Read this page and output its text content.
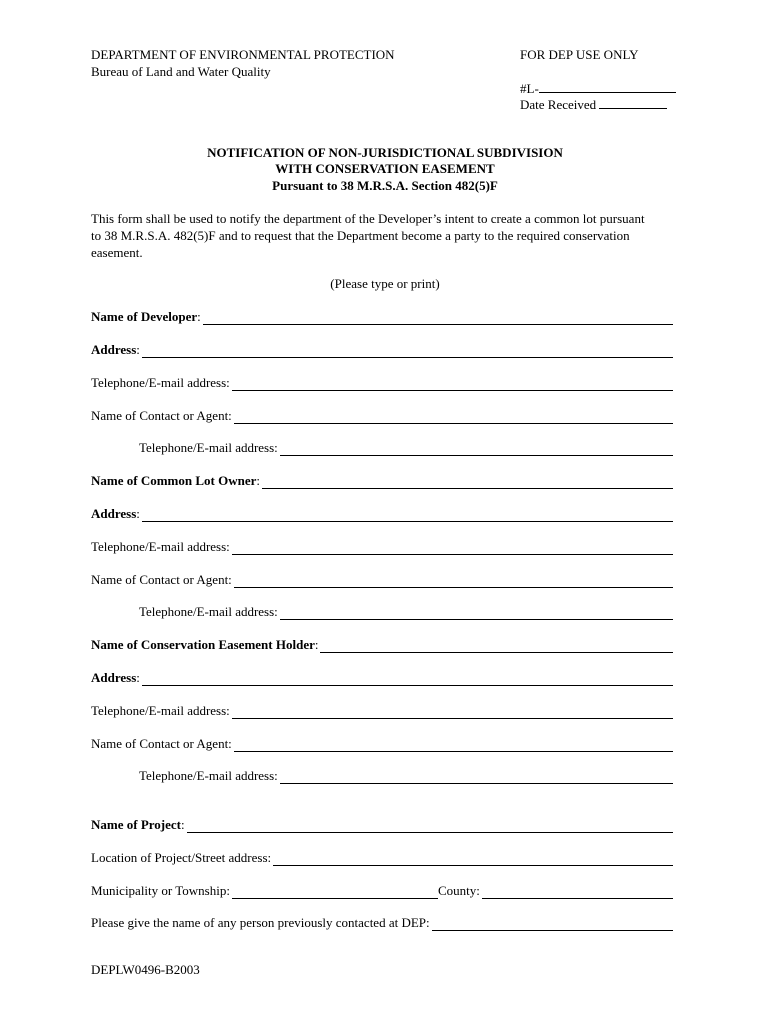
DEPARTMENT OF ENVIRONMENTAL PROTECTION
Bureau of Land and Water Quality
FOR DEP USE ONLY
#L-
Date Received
NOTIFICATION OF NON-JURISDICTIONAL SUBDIVISION
WITH CONSERVATION EASEMENT
Pursuant to 38 M.R.S.A. Section 482(5)F
This form shall be used to notify the department of the Developer’s intent to create a common lot pursuant to 38 M.R.S.A. 482(5)F and to request that the Department become a party to the required conservation easement.
(Please type or print)
Name of Developer:
Address:
Telephone/E-mail address:
Name of Contact or Agent:
Telephone/E-mail address:
Name of Common Lot Owner:
Address:
Telephone/E-mail address:
Name of Contact or Agent:
Telephone/E-mail address:
Name of Conservation Easement Holder:
Address:
Telephone/E-mail address:
Name of Contact or Agent:
Telephone/E-mail address:
Name of Project:
Location of Project/Street address:
Municipality or Township:	County:
Please give the name of any person previously contacted at DEP:
DEPLW0496-B2003
